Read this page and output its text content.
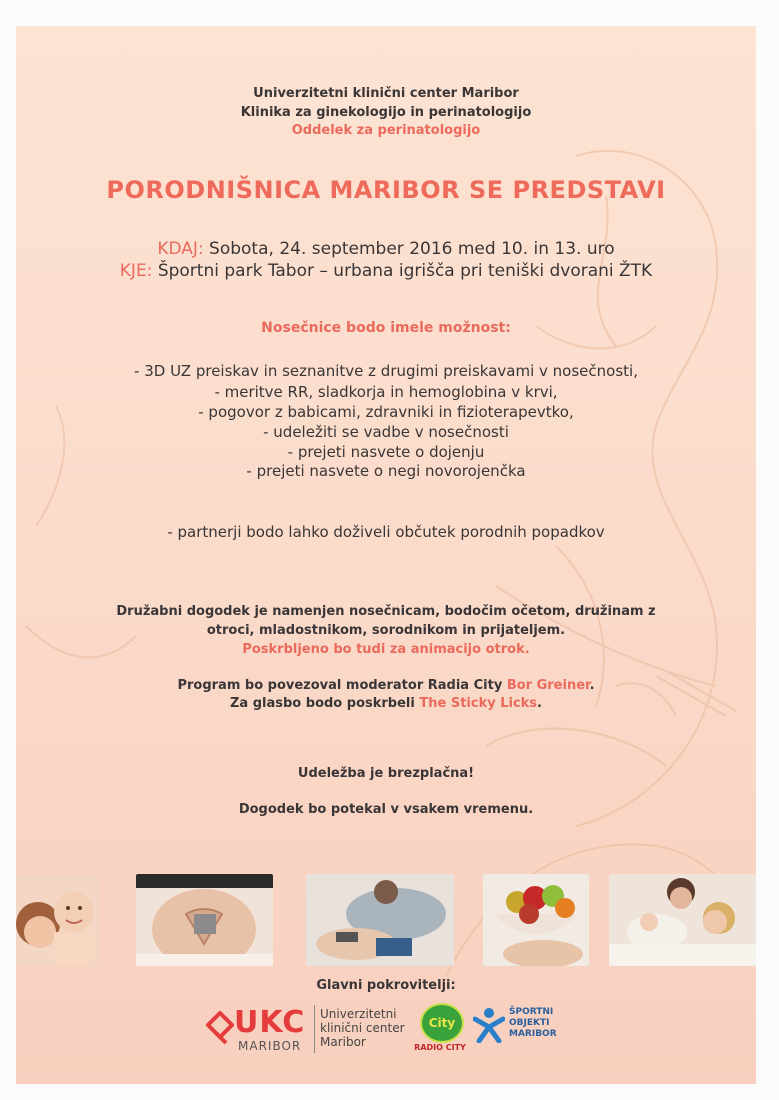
Univerzitetni klinični center Maribor
Klinika za ginekologijo in perinatologijo
Oddelek za perinatologijo
PORODNIŠNICA MARIBOR SE PREDSTAVI
KDAJ: Sobota, 24. september 2016 med 10. in 13. uro
KJE: Športni park Tabor – urbana igrišča pri teniški dvorani ŽTK
Nosečnice bodo imele možnost:
- 3D UZ preiskav in seznanitve z drugimi preiskavami v nosečnosti,
- meritve RR, sladkorja in hemoglobina v krvi,
- pogovor z babicami, zdravniki in fizioterapevtko,
- udeležiti se vadbe v nosečnosti
- prejeti nasvete o dojenju
- prejeti nasvete o negi novorojenčka
- partnerji bodo lahko doživeli občutek porodnih popadkov
Družabni dogodek je namenjen nosečnicam, bodočim očetom, družinam z
otroci, mladostnikom, sorodnikom in prijateljem.
Poskrbljeno bo tudi za animacijo otrok.
Program bo povezoval moderator Radia City Bor Greiner.
Za glasbo bodo poskrbeli The Sticky Licks.
Udeležba je brezplačna!
Dogodek bo potekal v vsakem vremenu.
Glavni pokrovitelji:
UKC
MARIBOR
Univerzitetni
klinični center
Maribor
City
RADIO CITY
ŠPORTNI
OBJEKTI
MARIBOR
